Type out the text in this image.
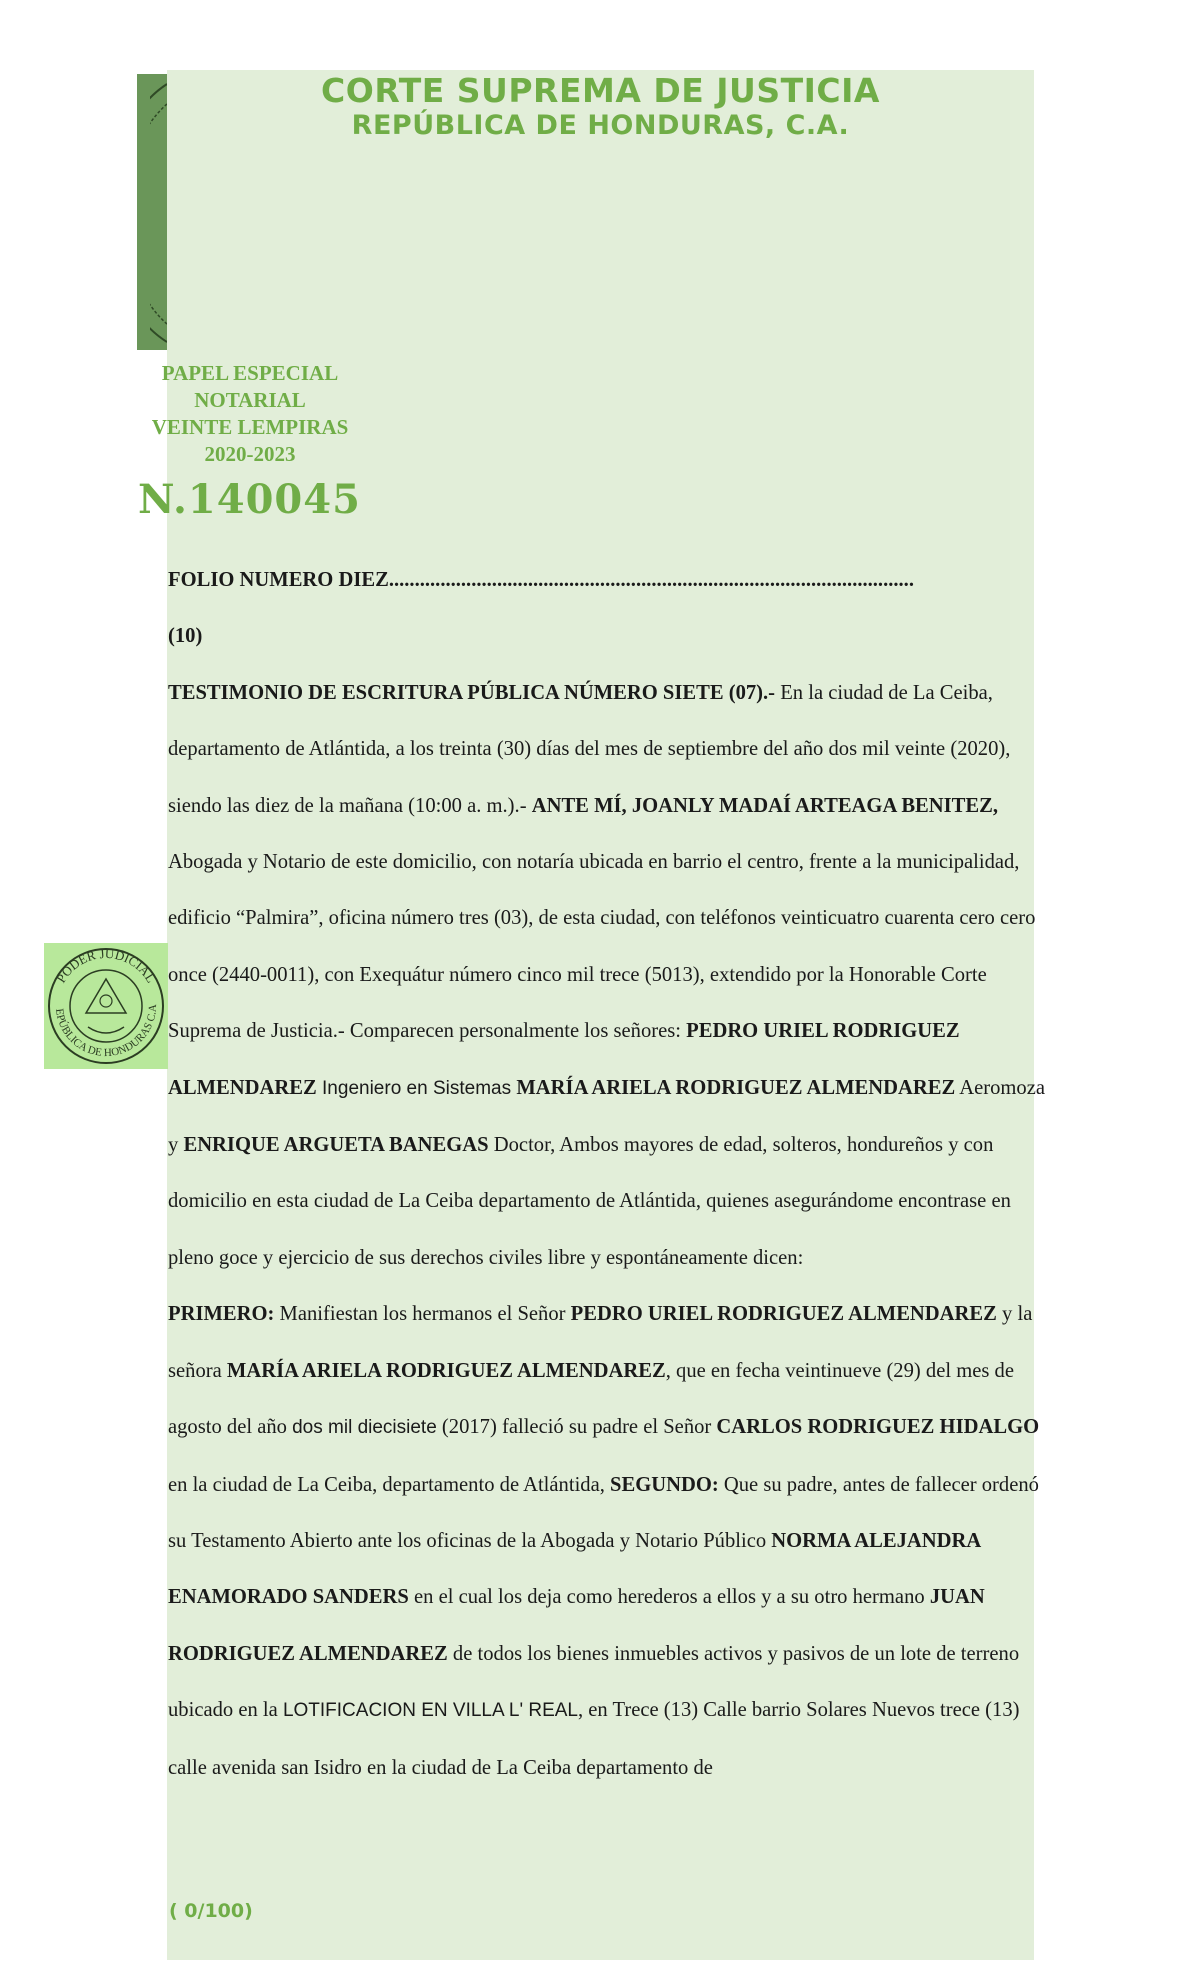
CORTE SUPREMA DE JUSTICIA
REPÚBLICA DE HONDURAS, C.A.
PAPEL ESPECIAL
NOTARIAL
VEINTE LEMPIRAS
2020-2023
N.140045
PODER JUDICIAL
EPÚBLICA DE HONDURAS C.A

FOLIO NUMERO DIEZ......................................................................................................

(10)

TESTIMONIO DE ESCRITURA PÚBLICA NÚMERO SIETE (07).- En la ciudad de La Ceiba, departamento de Atlántida, a los treinta (30) días del mes de septiembre del año dos mil veinte (2020), siendo las diez de la mañana (10:00 a. m.).- ANTE MÍ, JOANLY MADAÍ ARTEAGA BENITEZ, Abogada y Notario de este domicilio, con notaría ubicada en barrio el centro, frente a la municipalidad, edificio “Palmira”, oficina número tres (03), de esta ciudad, con teléfonos veinticuatro cuarenta cero cero once (2440-0011), con Exequátur número cinco mil trece (5013), extendido por la Honorable Corte Suprema de Justicia.- Comparecen personalmente los señores: PEDRO URIEL RODRIGUEZ ALMENDAREZ Ingeniero en Sistemas MARÍA ARIELA RODRIGUEZ ALMENDAREZ Aeromoza y ENRIQUE ARGUETA BANEGAS Doctor, Ambos mayores de edad, solteros, hondureños y con domicilio en esta ciudad de La Ceiba departamento de Atlántida, quienes asegurándome encontrase en pleno goce y ejercicio de sus derechos civiles libre y espontáneamente dicen:

PRIMERO: Manifiestan los hermanos el Señor PEDRO URIEL RODRIGUEZ ALMENDAREZ y la señora MARÍA ARIELA RODRIGUEZ ALMENDAREZ, que en fecha veintinueve (29) del mes de agosto del año dos mil diecisiete (2017) falleció su padre el Señor CARLOS RODRIGUEZ HIDALGO en la ciudad de La Ceiba, departamento de Atlántida, SEGUNDO: Que su padre, antes de fallecer ordenó su Testamento Abierto ante los oficinas de la Abogada y Notario Público NORMA ALEJANDRA ENAMORADO SANDERS en el cual los deja como herederos a ellos y a su otro hermano JUAN RODRIGUEZ ALMENDAREZ de todos los bienes inmuebles activos y pasivos de un lote de terreno ubicado en la LOTIFICACION EN VILLA L' REAL, en Trece (13) Calle barrio Solares Nuevos trece (13) calle avenida san Isidro en la ciudad de La Ceiba departamento de

( 0/100)
